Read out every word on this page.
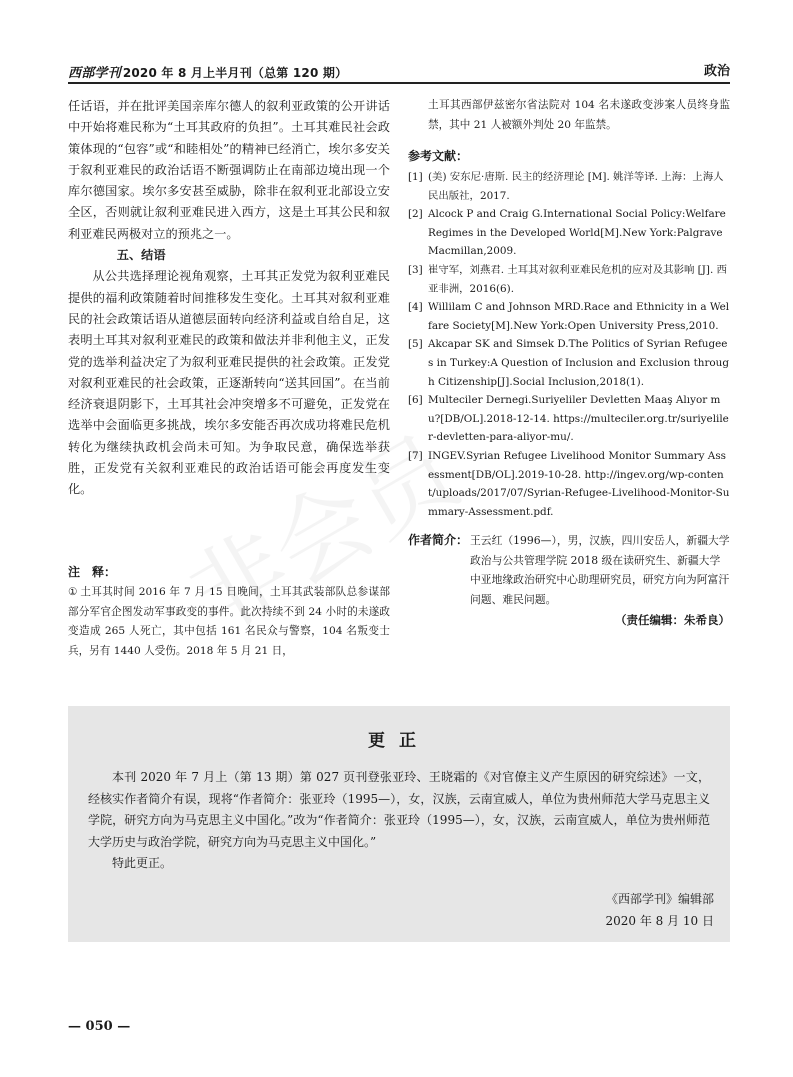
西部学刊 2020 年 8 月上半月刊（总第 120 期）	政治

任话语，并在批评美国亲库尔德人的叙利亚政策的公开讲话中开始将难民称为“土耳其政府的负担”。土耳其难民社会政策体现的“包容”或“和睦相处”的精神已经消亡，埃尔多安关于叙利亚难民的政治话语不断强调防止在南部边境出现一个库尔德国家。埃尔多安甚至威胁，除非在叙利亚北部设立安全区，否则就让叙利亚难民进入西方，这是土耳其公民和叙利亚难民两极对立的预兆之一。

五、结语

从公共选择理论视角观察，土耳其正发党为叙利亚难民提供的福利政策随着时间推移发生变化。土耳其对叙利亚难民的社会政策话语从道德层面转向经济利益或自给自足，这表明土耳其对叙利亚难民的政策和做法并非利他主义，正发党的选举利益决定了为叙利亚难民提供的社会政策。正发党对叙利亚难民的社会政策，正逐渐转向“送其回国”。在当前经济衰退阴影下，土耳其社会冲突增多不可避免，正发党在选举中会面临更多挑战，埃尔多安能否再次成功将难民危机转化为继续执政机会尚未可知。为争取民意，确保选举获胜，正发党有关叙利亚难民的政治话语可能会再度发生变化。

注　释：
① 土耳其时间 2016 年 7 月 15 日晚间，土耳其武装部队总参谋部部分军官企图发动军事政变的事件。此次持续不到 24 小时的未遂政变造成 265 人死亡，其中包括 161 名民众与警察，104 名叛变士兵，另有 1440 人受伤。2018 年 5 月 21 日，
土耳其西部伊兹密尔省法院对 104 名未遂政变涉案人员终身监禁，其中 21 人被额外判处 20 年监禁。
参考文献：
[1] (美) 安东尼·唐斯. 民主的经济理论 [M]. 姚洋等译. 上海：上海人民出版社，2017.
[2] Alcock P and Craig G.International Social Policy:Welfare Regimes in the Developed World[M].New York:Palgrave Macmillan,2009.
[3] 崔守军，刘燕君. 土耳其对叙利亚难民危机的应对及其影响 [J]. 西亚非洲，2016(6).
[4] Willilam C and Johnson MRD.Race and Ethnicity in a Welfare Society[M].New York:Open University Press,2010.
[5] Akcapar SK and Simsek D.The Politics of Syrian Refugees in Turkey:A Question of Inclusion and Exclusion through Citizenship[J].Social Inclusion,2018(1).
[6] Multeciler Dernegi.Suriyeliler Devletten Maaş Alıyor mu?[DB/OL].2018-12-14. https://multeciler.org.tr/suriyeliler-devletten-para-aliyor-mu/.
[7] INGEV.Syrian Refugee Livelihood Monitor Summary Assessment[DB/OL].2019-10-28. http://ingev.org/wp-content/uploads/2017/07/Syrian-Refugee-Livelihood-Monitor-Summary-Assessment.pdf.
作者简介： 王云红（1996—），男，汉族，四川安岳人，新疆大学政治与公共管理学院 2018 级在读研究生、新疆大学中亚地缘政治研究中心助理研究员，研究方向为阿富汗问题、难民问题。
（责任编辑：朱希良）
更正

本刊 2020 年 7 月上（第 13 期）第 027 页刊登张亚玲、王晓霜的《对官僚主义产生原因的研究综述》一文，经核实作者简介有误，现将“作者简介：张亚玲（1995—），女，汉族，云南宣威人，单位为贵州师范大学马克思主义学院，研究方向为马克思主义中国化。”改为“作者简介：张亚玲（1995—），女，汉族，云南宣威人，单位为贵州师范大学历史与政治学院，研究方向为马克思主义中国化。”

特此更正。

《西部学刊》编辑部
2020 年 8 月 10 日
— 050 —
